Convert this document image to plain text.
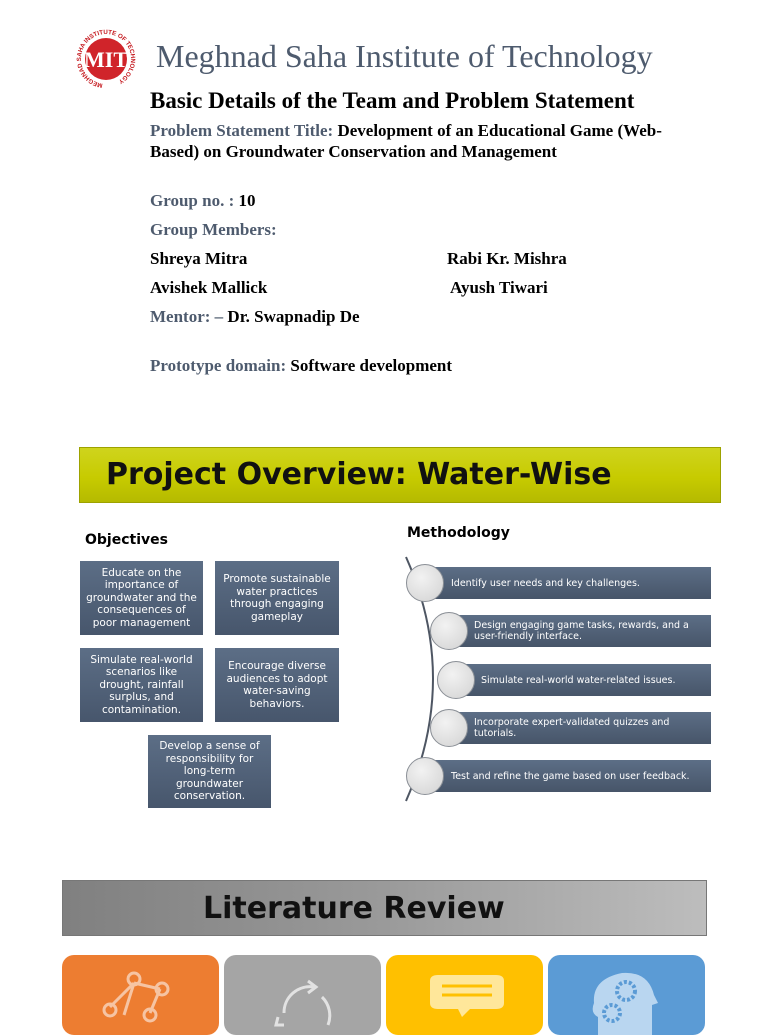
MEGHNAD SAHA INSTITUTE OF TECHNOLOGY
MIT Meghnad Saha Institute of Technology
Basic Details of the Team and Problem Statement
Problem Statement Title: Development of an Educational Game (Web-Based) on Groundwater Conservation and Management
Group no. : 10
Group Members:
Shreya Mitra	Rabi Kr. Mishra
Avishek Mallick	Ayush Tiwari
Mentor: – Dr. Swapnadip De
Prototype domain: Software development
Project Overview: Water-Wise
Objectives	Methodology
Educate on the importance of groundwater and the consequences of poor management
Promote sustainable water practices through engaging gameplay
Simulate real-world scenarios like drought, rainfall surplus, and contamination.
Encourage diverse audiences to adopt water-saving behaviors.
Develop a sense of responsibility for long-term groundwater conservation.
Identify user needs and key challenges.
Design engaging game tasks, rewards, and a user-friendly interface.
Simulate real-world water-related issues.
Incorporate expert-validated quizzes and tutorials.
Test and refine the game based on user feedback.
Literature Review
